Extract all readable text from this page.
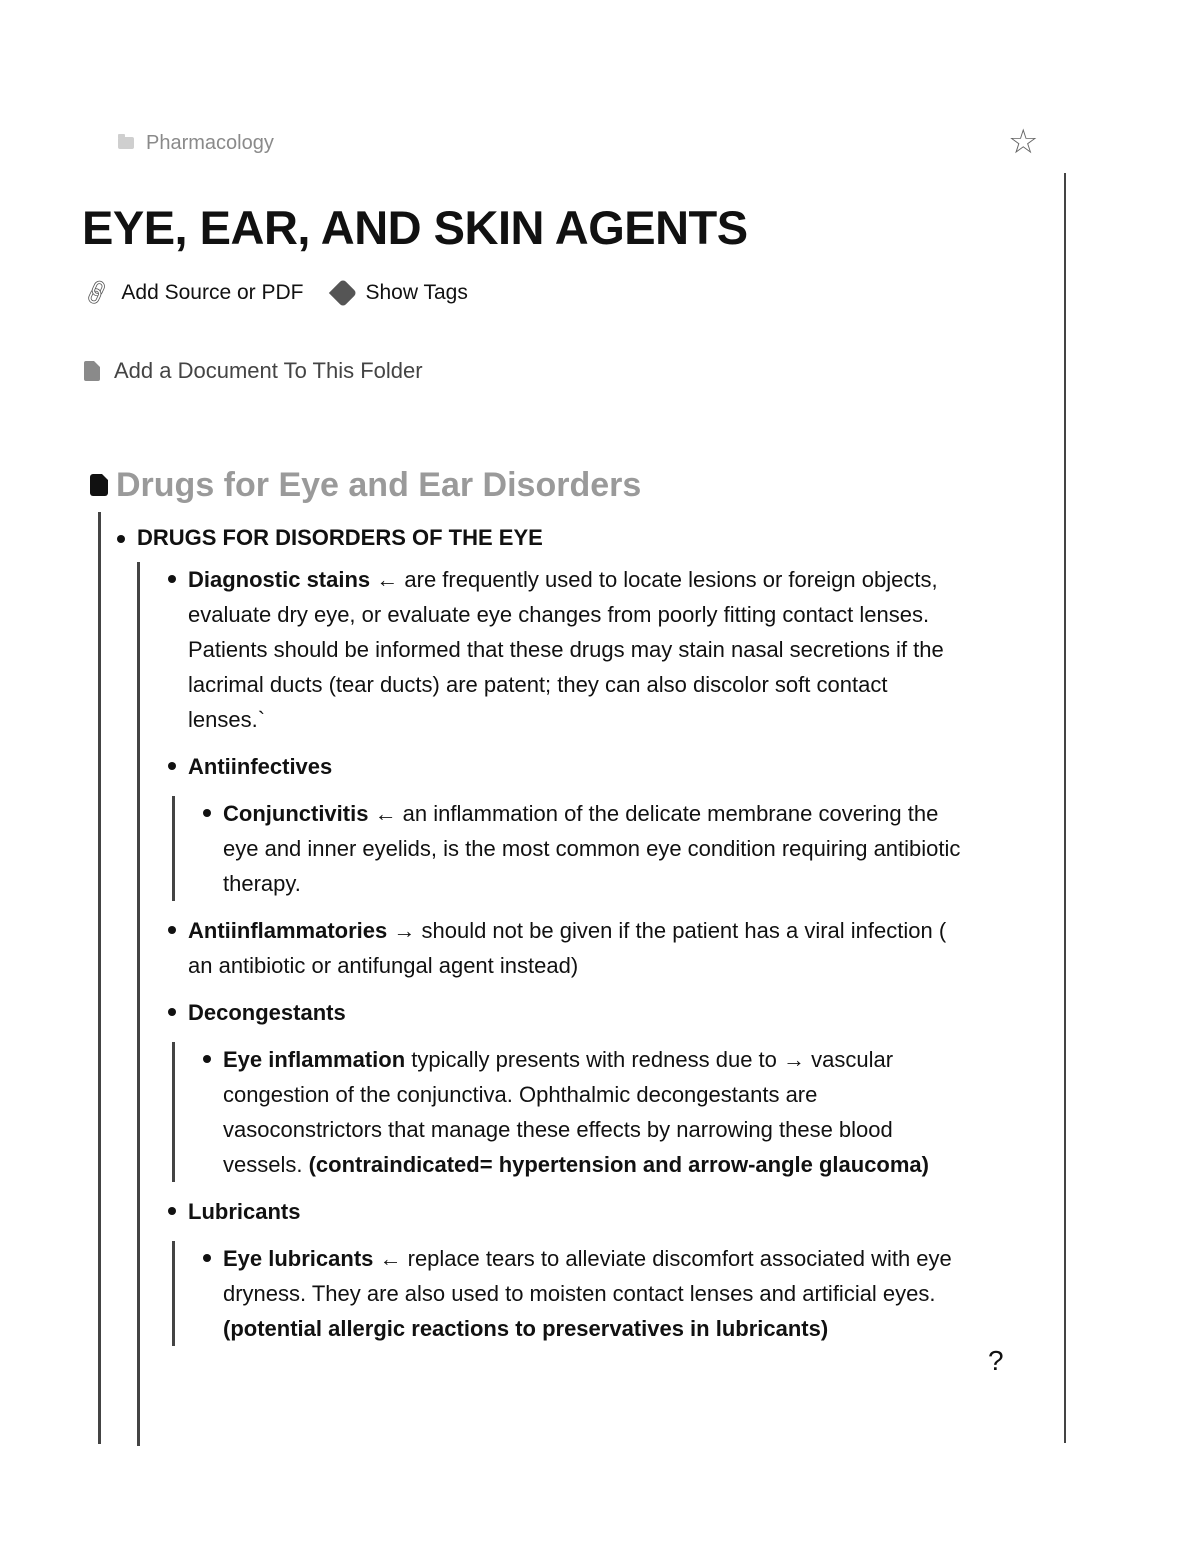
Pharmacology	☆
EYE, EAR, AND SKIN AGENTS
🔗︎ Add Source or PDF	Show Tags
Add a Document To This Folder
Drugs for Eye and Ear Disorders
DRUGS FOR DISORDERS OF THE EYE
Diagnostic stains ← are frequently used to locate lesions or foreign objects, evaluate dry eye, or evaluate eye changes from poorly fitting contact lenses. Patients should be informed that these drugs may stain nasal secretions if the lacrimal ducts (tear ducts) are patent; they can also discolor soft contact lenses.`
Antiinfectives
Conjunctivitis ← an inflammation of the delicate membrane covering the eye and inner eyelids, is the most common eye condition requiring antibiotic therapy.
Antiinflammatories → should not be given if the patient has a viral infection ( an antibiotic or antifungal agent instead)
Decongestants
Eye inflammation typically presents with redness due to → vascular congestion of the conjunctiva. Ophthalmic decongestants are vasoconstrictors that manage these effects by narrowing these blood vessels. (contraindicated= hypertension and arrow-angle glaucoma)
Lubricants
Eye lubricants ← replace tears to alleviate discomfort associated with eye dryness. They are also used to moisten contact lenses and artificial eyes. (potential allergic reactions to preservatives in lubricants)
?
